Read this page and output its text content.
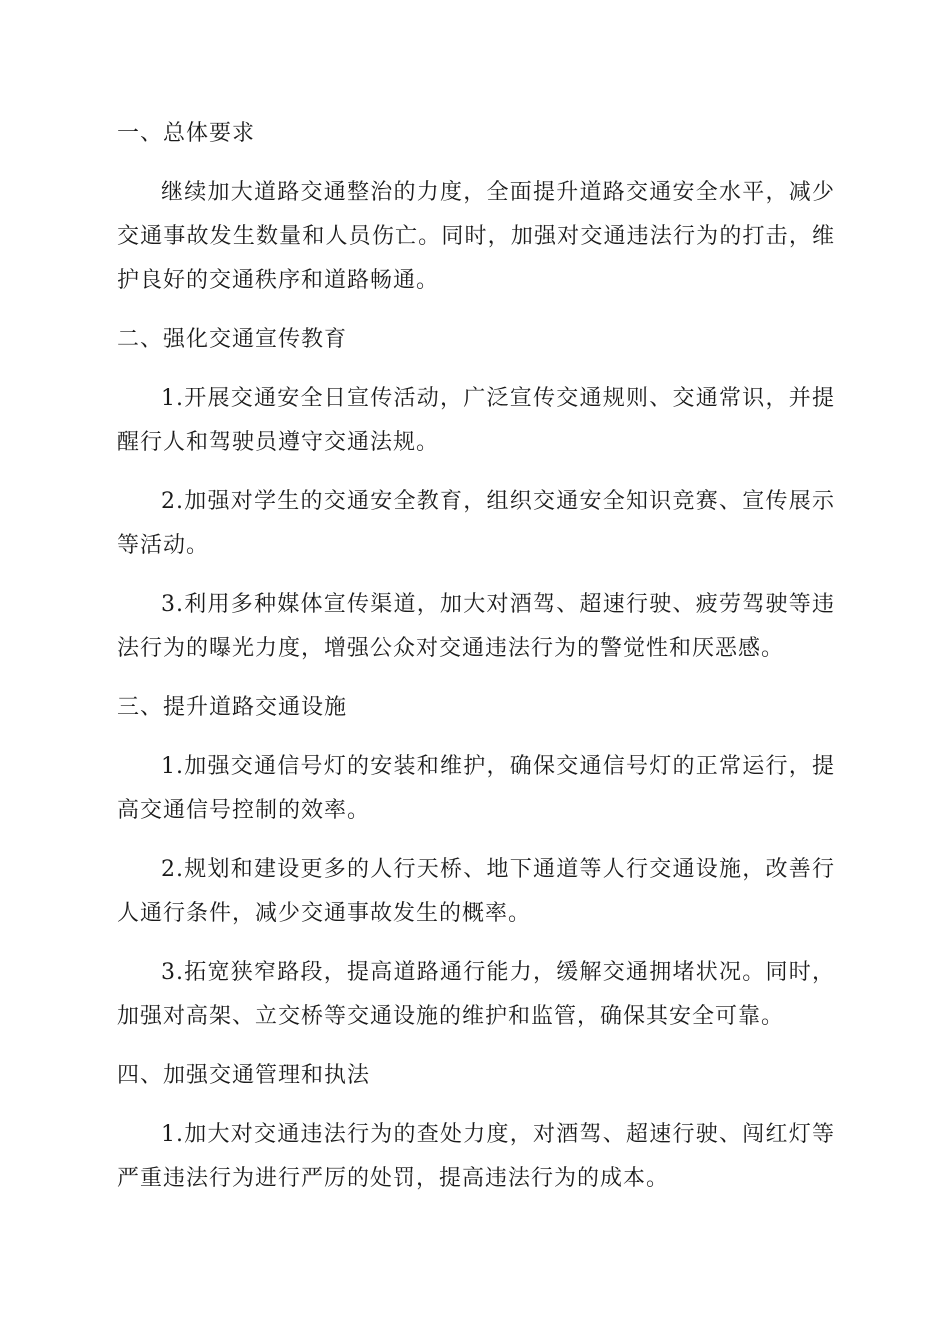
一、总体要求
继续加大道路交通整治的力度，全面提升道路交通安全水平，减少交通事故发生数量和人员伤亡。同时，加强对交通违法行为的打击，维护良好的交通秩序和道路畅通。
二、强化交通宣传教育
1.开展交通安全日宣传活动，广泛宣传交通规则、交通常识，并提醒行人和驾驶员遵守交通法规。
2.加强对学生的交通安全教育，组织交通安全知识竞赛、宣传展示等活动。
3.利用多种媒体宣传渠道，加大对酒驾、超速行驶、疲劳驾驶等违法行为的曝光力度，增强公众对交通违法行为的警觉性和厌恶感。
三、提升道路交通设施
1.加强交通信号灯的安装和维护，确保交通信号灯的正常运行，提高交通信号控制的效率。
2.规划和建设更多的人行天桥、地下通道等人行交通设施，改善行人通行条件，减少交通事故发生的概率。
3.拓宽狭窄路段，提高道路通行能力，缓解交通拥堵状况。同时，加强对高架、立交桥等交通设施的维护和监管，确保其安全可靠。
四、加强交通管理和执法
1.加大对交通违法行为的查处力度，对酒驾、超速行驶、闯红灯等严重违法行为进行严厉的处罚，提高违法行为的成本。
